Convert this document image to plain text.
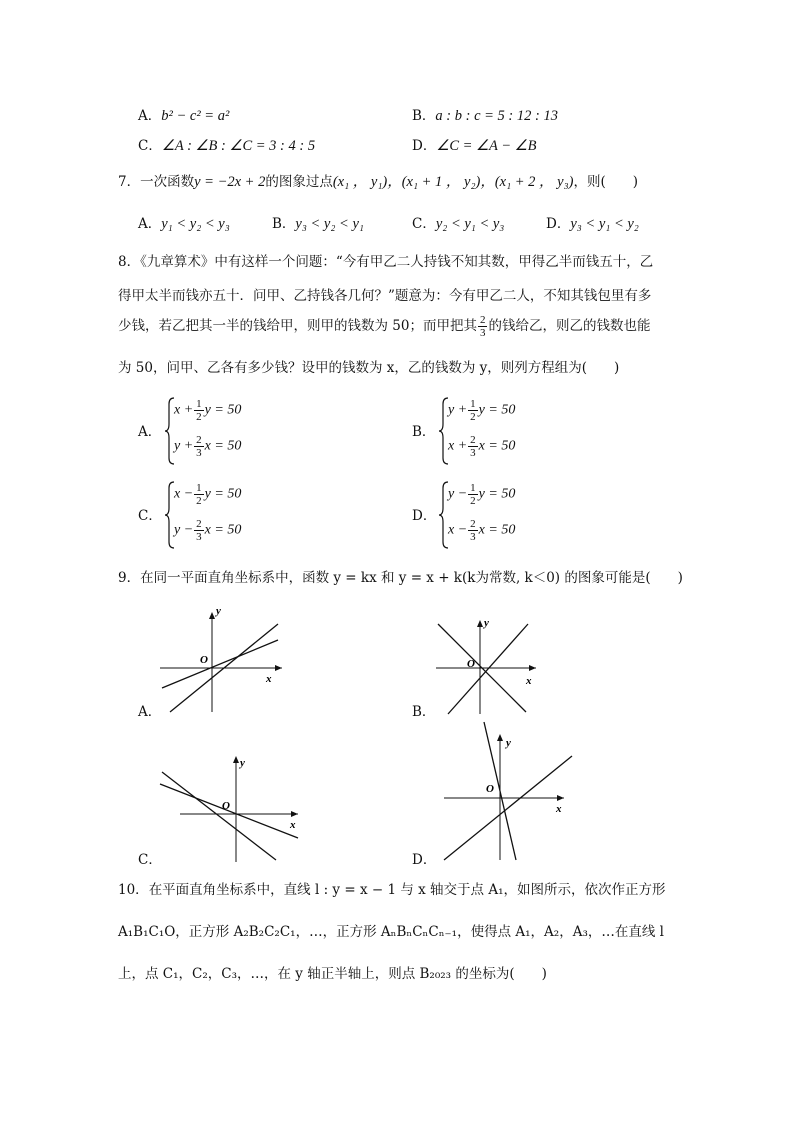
A．b² − c² = a²	B．a : b : c = 5 : 12 : 13
C．∠A : ∠B : ∠C = 3 : 4 : 5	D．∠C = ∠A − ∠B
7．一次函数y = −2x + 2的图象过点(x₁ ， y₁)，(x₁ + 1 ， y₂)，(x₁ + 2 ， y₃)，则(　　)
A．y₁ < y₂ < y₃	B．y₃ < y₂ < y₁	C．y₂ < y₁ < y₃	D．y₃ < y₁ < y₂
8．《九章算术》中有这样一个问题：“今有甲乙二人持钱不知其数，甲得乙半而钱五十，乙
得甲太半而钱亦五十．问甲、乙持钱各几何？”题意为：今有甲乙二人，不知其钱包里有多
少钱，若乙把其一半的钱给甲，则甲的钱数为 50；而甲把其 $\frac{2}{3}$ 的钱给乙，则乙的钱数也能
为 50，问甲、乙各有多少钱？设甲的钱数为 x，乙的钱数为 y，则列方程组为(　　)
A．
$x + \frac{1}{2}$ y = 50
$y + \frac{2}{3}$ x = 50
B．
$y + \frac{1}{2}$ y = 50
$x + \frac{2}{3}$ x = 50
C．
$x - \frac{1}{2}$ y = 50
$y - \frac{2}{3}$ x = 50
D．
$y - \frac{1}{2}$ y = 50
$x - \frac{2}{3}$ x = 50
9．在同一平面直角坐标系中，函数 y = kx 和 y = x + k(k为常数, k＜0) 的图象可能是(　　)
y
x
O
A．
y
x
O
B．
y
x
O
C．
y
x
O
D．
10．在平面直角坐标系中，直线 l : y = x − 1 与 x 轴交于点 A₁，如图所示，依次作正方形
A₁B₁C₁O，正方形 A₂B₂C₂C₁，…，正方形 AₙBₙCₙCₙ₋₁，使得点 A₁，A₂，A₃，…在直线 l
上，点 C₁，C₂，C₃，…，在 y 轴正半轴上，则点 B₂₀₂₃ 的坐标为(　　)
